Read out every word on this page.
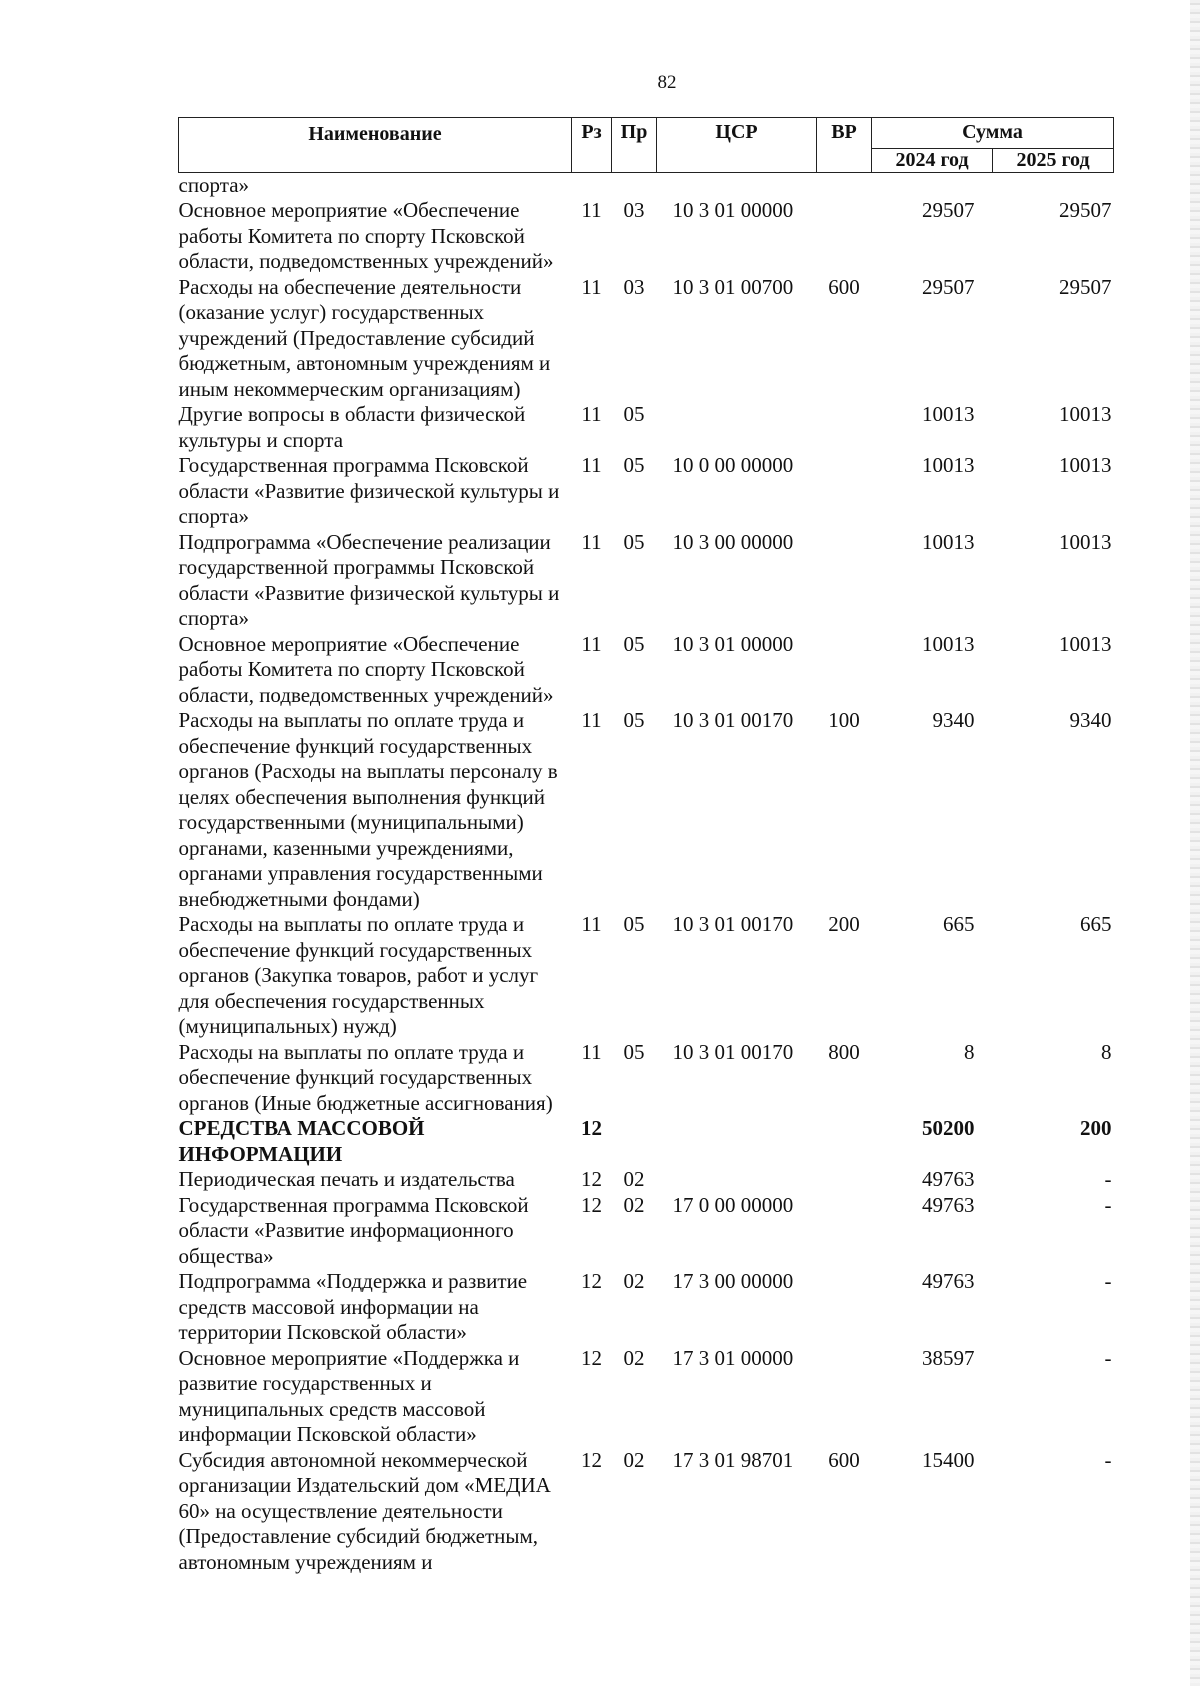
82
Наименование	Рз	Пр	ЦСР	ВР	Сумма	
					2024 год	2025 год
спорта»						
Основное мероприятие «Обеспечение работы Комитета по спорту Псковской области, подведомственных учреждений»	11	03	10 3 01 00000		29507	29507
Расходы на обеспечение деятельности (оказание услуг) государственных учреждений (Предоставление субсидий бюджетным, автономным учреждениям и иным некоммерческим организациям)	11	03	10 3 01 00700	600	29507	29507
Другие вопросы в области физической культуры и спорта	11	05			10013	10013
Государственная программа Псковской области «Развитие физической культуры и спорта»	11	05	10 0 00 00000		10013	10013
Подпрограмма «Обеспечение реализации государственной программы Псковской области «Развитие физической культуры и спорта»	11	05	10 3 00 00000		10013	10013
Основное мероприятие «Обеспечение работы Комитета по спорту Псковской области, подведомственных учреждений»	11	05	10 3 01 00000		10013	10013
Расходы на выплаты по оплате труда и обеспечение функций государственных органов (Расходы на выплаты персоналу в целях обеспечения выполнения функций государственными (муниципальными) органами, казенными учреждениями, органами управления государственными внебюджетными фондами)	11	05	10 3 01 00170	100	9340	9340
Расходы на выплаты по оплате труда и обеспечение функций государственных органов (Закупка товаров, работ и услуг для обеспечения государственных (муниципальных) нужд)	11	05	10 3 01 00170	200	665	665
Расходы на выплаты по оплате труда и обеспечение функций государственных органов (Иные бюджетные ассигнования)	11	05	10 3 01 00170	800	8	8
СРЕДСТВА МАССОВОЙ ИНФОРМАЦИИ	12				50200	200
Периодическая печать и издательства	12	02			49763	-
Государственная программа Псковской области «Развитие информационного общества»	12	02	17 0 00 00000		49763	-
Подпрограмма «Поддержка и развитие средств массовой информации на территории Псковской области»	12	02	17 3 00 00000		49763	-
Основное мероприятие «Поддержка и развитие государственных и муниципальных средств массовой информации Псковской области»	12	02	17 3 01 00000		38597	-
Субсидия автономной некоммерческой организации Издательский дом «МЕДИА 60» на осуществление деятельности (Предоставление субсидий бюджетным, автономным учреждениям и	12	02	17 3 01 98701	600	15400	-
